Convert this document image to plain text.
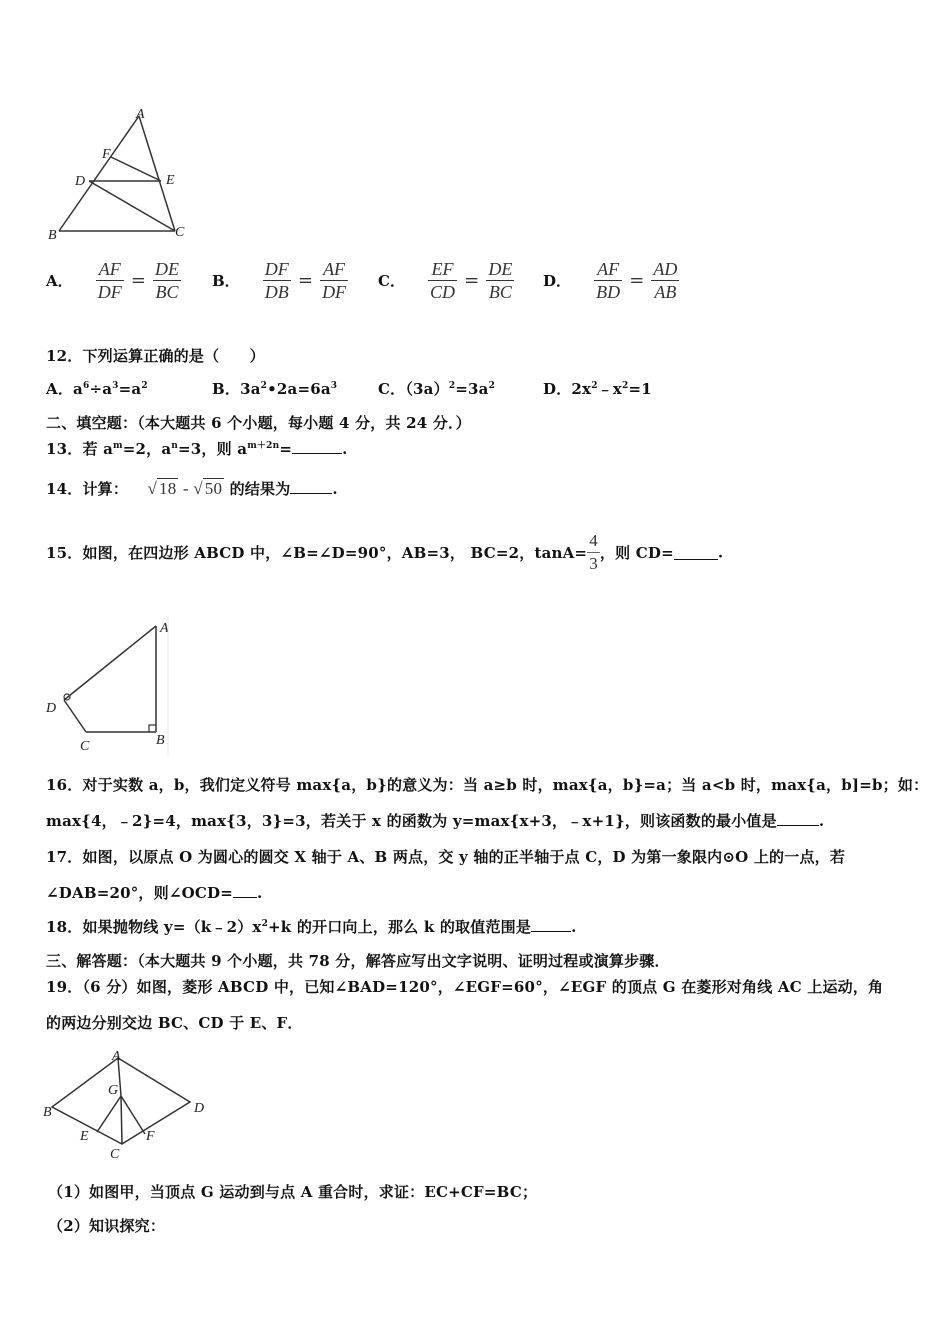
A
F
D	E
B	C
A． $\frac{AF}{DF} = \frac{DE}{BC}$ B． $\frac{DF}{DB} = \frac{AF}{DF}$ C． $\frac{EF}{CD} = \frac{DE}{BC}$ D． $\frac{AF}{BD} = \frac{AD}{AB}$
12．下列运算正确的是（　　）
A．$a^6\div a^3=a^2$	B．$3a^2•2a=6a^3$	C．$(3a)^2=3a^2$	D．$2x^2﹣x^2=1$
二、填空题：（本大题共 6 个小题，每小题 4 分，共 24 分．）
13．若 $a^m=2$，$a^n=3$，则 $a^{m+2n}=$	.
14．计算： √ 18 - √ 50 的结果为	.
15．如图，在四边形 ABCD 中，∠B=∠D=90°，AB=3， BC=2，$\tan A= \frac{4}{3}$ ，则 CD=	.
A
D
C	B
16．对于实数 a，b，我们定义符号 max{a，b}的意义为：当 a≥b 时，max{a，b}=a；当 a<b 时，max{a，b]=b；如：
max{4，﹣2}=4，max{3，3}=3，若关于 x 的函数为 y=max{x+3，﹣x+1}，则该函数的最小值是	.
17．如图，以原点 O 为圆心的圆交 X 轴于 A、B 两点，交 y 轴的正半轴于点 C，D 为第一象限内⊙O 上的一点，若
∠DAB=20°，则∠OCD= .
18．如果抛物线 $y=(k﹣2)x^2+k$ 的开口向上，那么 k 的取值范围是	.
三、解答题：（本大题共 9 个小题，共 78 分，解答应写出文字说明、证明过程或演算步骤．
19．（6 分）如图，菱形 ABCD 中，已知∠BAD=120°，∠EGF=60°，∠EGF 的顶点 G 在菱形对角线 AC 上运动，角
的两边分别交边 BC、CD 于 E、F．
A
G
B	D
E	F
C
（1）如图甲，当顶点 G 运动到与点 A 重合时，求证：EC+CF=BC；
（2）知识探究：
